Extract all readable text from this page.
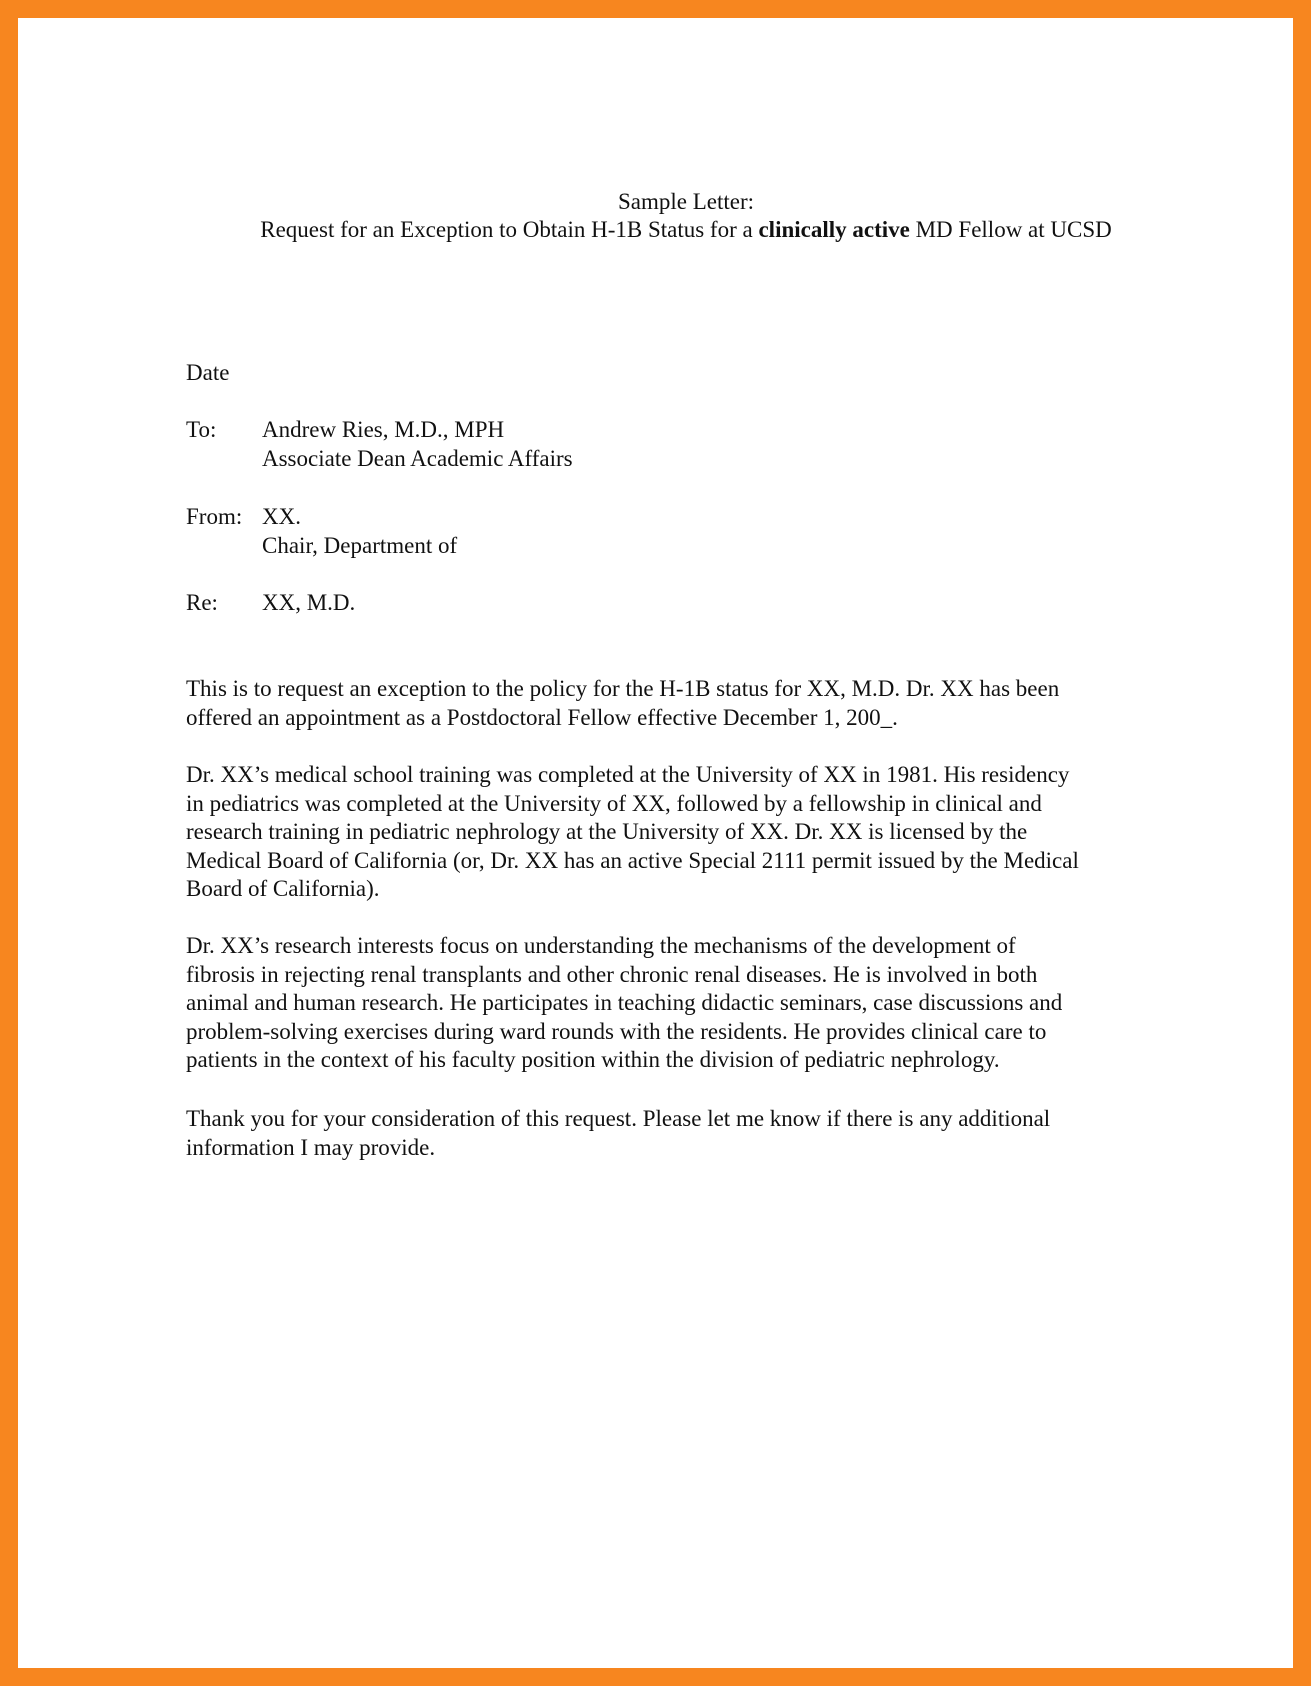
Sample Letter:
Request for an Exception to Obtain H-1B Status for a clinically active MD Fellow at UCSD
Date
To: Andrew Ries, M.D., MPH
Associate Dean Academic Affairs
From: XX.
Chair, Department of
Re: XX, M.D.
This is to request an exception to the policy for the H-1B status for XX, M.D. Dr. XX has been
offered an appointment as a Postdoctoral Fellow effective December 1, 200_.
Dr. XX’s medical school training was completed at the University of XX in 1981. His residency
in pediatrics was completed at the University of XX, followed by a fellowship in clinical and
research training in pediatric nephrology at the University of XX. Dr. XX is licensed by the
Medical Board of California (or, Dr. XX has an active Special 2111 permit issued by the Medical
Board of California).
Dr. XX’s research interests focus on understanding the mechanisms of the development of
fibrosis in rejecting renal transplants and other chronic renal diseases. He is involved in both
animal and human research. He participates in teaching didactic seminars, case discussions and
problem-solving exercises during ward rounds with the residents. He provides clinical care to
patients in the context of his faculty position within the division of pediatric nephrology.
Thank you for your consideration of this request. Please let me know if there is any additional
information I may provide.
